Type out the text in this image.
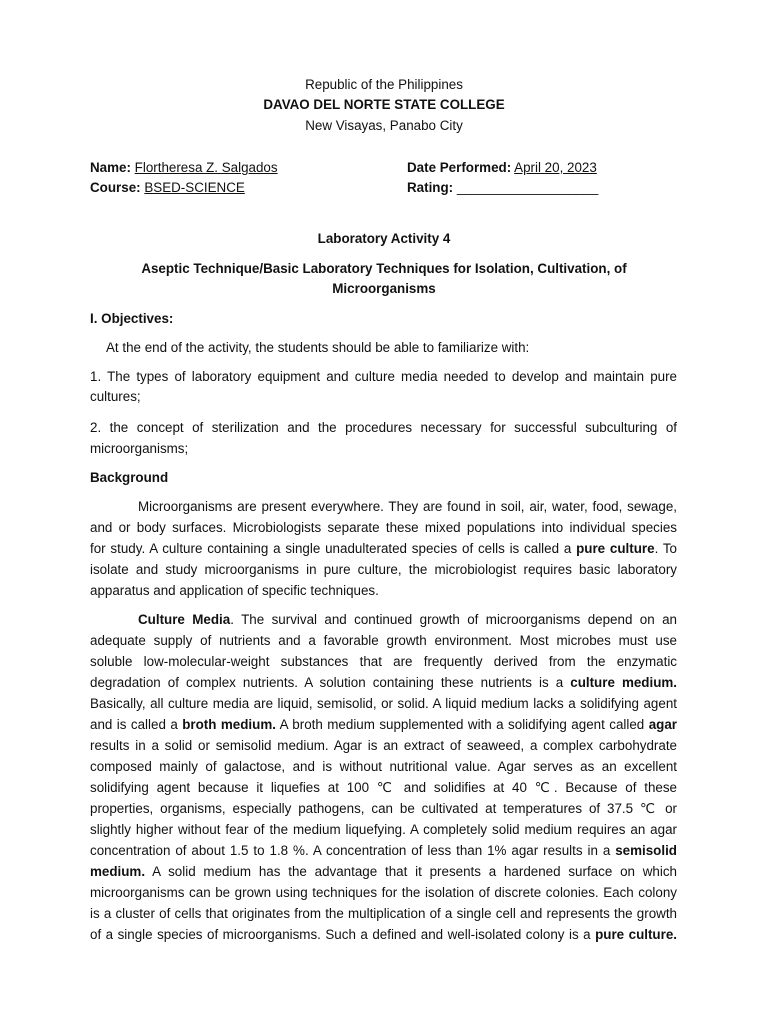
Republic of the Philippines
DAVAO DEL NORTE STATE COLLEGE
New Visayas, Panabo City
Name: Flortheresa Z. Salgados	Date Performed: April 20, 2023
Course: BSED-SCIENCE	Rating: ___________________
Laboratory Activity 4
Aseptic Technique/Basic Laboratory Techniques for Isolation, Cultivation, of
Microorganisms
I. Objectives:
At the end of the activity, the students should be able to familiarize with:
1. The types of laboratory equipment and culture media needed to develop and maintain pure
cultures;
2. the concept of sterilization and the procedures necessary for successful subculturing of
microorganisms;
Background
Microorganisms are present everywhere. They are found in soil, air, water, food, sewage,
and or body surfaces. Microbiologists separate these mixed populations into individual species
for study. A culture containing a single unadulterated species of cells is called a pure culture. To
isolate and study microorganisms in pure culture, the microbiologist requires basic laboratory
apparatus and application of specific techniques.
Culture Media. The survival and continued growth of microorganisms depend on an
adequate supply of nutrients and a favorable growth environment. Most microbes must use
soluble low-molecular-weight substances that are frequently derived from the enzymatic
degradation of complex nutrients. A solution containing these nutrients is a culture medium.
Basically, all culture media are liquid, semisolid, or solid. A liquid medium lacks a solidifying agent
and is called a broth medium. A broth medium supplemented with a solidifying agent called agar
results in a solid or semisolid medium. Agar is an extract of seaweed, a complex carbohydrate
composed mainly of galactose, and is without nutritional value. Agar serves as an excellent
solidifying agent because it liquefies at 100 ℃ and solidifies at 40 ℃. Because of these
properties, organisms, especially pathogens, can be cultivated at temperatures of 37.5 ℃ or
slightly higher without fear of the medium liquefying. A completely solid medium requires an agar
concentration of about 1.5 to 1.8 %. A concentration of less than 1% agar results in a semisolid
medium. A solid medium has the advantage that it presents a hardened surface on which
microorganisms can be grown using techniques for the isolation of discrete colonies. Each colony
is a cluster of cells that originates from the multiplication of a single cell and represents the growth
of a single species of microorganisms. Such a defined and well-isolated colony is a pure culture.
